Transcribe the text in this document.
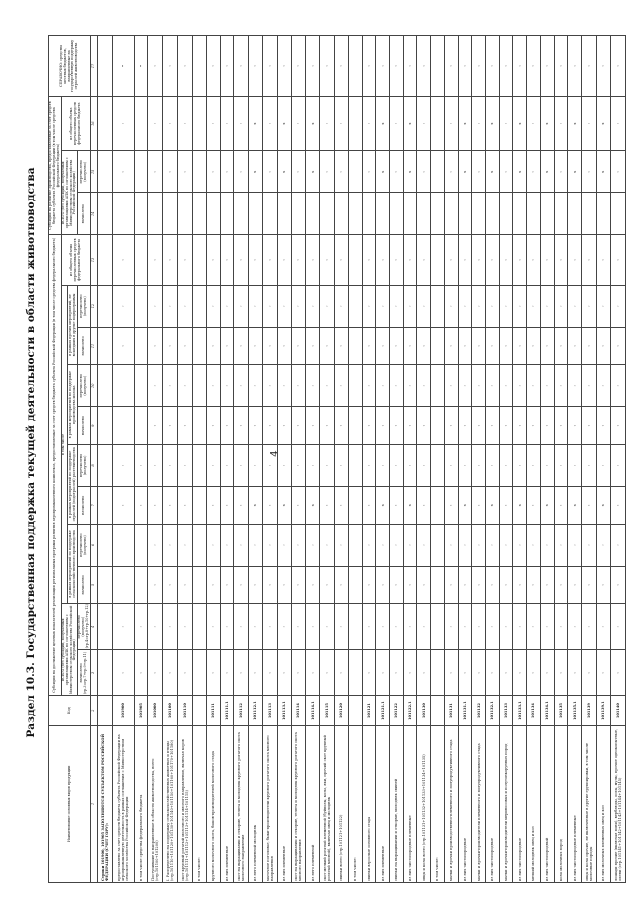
4
Раздел 10.3. Государственная поддержка текущей деятельности в области животноводства
Наименование основных видов продукции	Код	Субсидии на достижение целевых показателей реализации региональных программ развития агропромышленного комплекса, предоставляемые за счет средств бюджета субъекта Российской Федерации (в том числе средства федерального бюджета)											Субсидии на развитие производства, предоставленные за счет средств бюджета субъекта Российской Федерации (в том числе средства федерального бюджета)			СПРАВОЧНО: средства местных бюджетов, направленные на государственную поддержку отраслей животноводства
		ВСЕГО (без субсидий, получаемых организациями АПК по соглашениям с Министерством сельского хозяйства Российской Федерации)		в том числе								из общего объема перечисленных средств федерального бюджета	ВСЕГО (без субсидий, получаемых организациями АПК по соглашениям с Министерством сельского хозяйства Российской Федерации)		из общего объема перечисленных средств федерального бюджета	
				в рамках мероприятий по поддержке сельскохозяйственного производства		в рамках мероприятий по поддержке отраслей (подотраслей) растениеводства		в рамках мероприятий по поддержке производства молока		в рамках прочих мероприятий, не вошедших в другие подпрограммы						
		начислено (гр.3=гр.7+гр.9+гр.11)	перечислено (получено) (гр.4=гр.8+гр.10+гр.12)	начислено	перечислено (получено)	начислено	перечислено (получено)	начислено	перечислено (получено)	начислено	перечислено (получено)		начислено	перечислено (получено)		
1	2	3	4	5	6	7	8	9	10	11	12	13	14	15	16	17
Строки 101900, 101905 ЗАПОЛНЯЮТСЯ СУБЪЕКТОМ РОССИЙСКОЙ ФЕДЕРАЦИИ (СЧЕТ ГОРУ):																
предоставлено за счет средств бюджета субъекта Российской Федерации на агропромышленную деятельность в рамках соглашения с Министерством сельского хозяйства Российской Федерации	101900	‹	›			‹	›			‹	›	‹		‹	›	•
в том числе средства федерального бюджета	101905	‹	›			‹	›									•
Поступившие и направленные в области животноводства, всего (стр.101100+101200)	101000	‹	›	‹	›	‹	›	‹	›	‹	›	‹		‹	›	‹
I. Распределено на поддержку сельскохозяйственных животных и птицы (стр.101110+101120+101130+101140+101150+101160+101170+101180)	101100	‹	›	‹	›	‹	›	‹	›	‹	›	‹		‹	›	‹
скот крупный рогатый молочного и мясного направления, включая коров (стр.101111+101112+101113+101114+101115)	101110	‹	›	‹	›	‹	›	‹	›	‹	›	‹		‹	›	‹
в том числе:																
крупного молочного скота, быков-производителей молочного стада	101111	‹	›	‹	›	‹	›	‹	›	‹	›	‹		‹	›	‹
из них племенные	101111.1	‹	›	‹	›	‹	›	‹	›	‹	›	‹		‹	›	‹
скот на выращивании и откорме, телята и молодняк крупного рогатого скота молочного направления	101112	‹	›	‹	›	‹	›	‹	›	‹	›	‹		‹	›	‹
из него племенной молодняк	101112.1	‹	›	‹	›	x	›	‹	›	‹	›	‹		x	x	‹
маточное поголовье, быки-производители крупного рогатого скота мясного направления	101113	‹	›	‹	›	‹	›	‹	›	‹	›	‹		‹	›	‹
из них племенные	101113.1	‹	›	‹	›	x	›	‹	›	‹	›	‹		x	x	‹
скот на выращивании и откорме, телята и молодняк крупного рогатого скота мясного направления	101114	‹	›	‹	›	‹	›	‹	›	‹	›	‹		‹	›	‹
из него племенной	101114.1	‹	›	‹	›	x	›	‹	›	‹	›	‹		x	x	‹
скот мелкий рогатый племенной (буйволы, козы, яки, прочий скот крупный рогатый мясной), включая овец и молодняк	101115	‹	›	‹	›	‹	›	‹	›	‹	›	‹		‹	›	‹
свиньи всего (стр.101121+101122)	101120	‹	›	‹	›	‹	›	‹	›	‹	›	‹		‹	›	‹
в том числе:																
свиньи взрослые основного стада	101121	‹	›	‹	›	‹	›	‹	›	‹	›	‹		‹	›	‹
из них племенные	101121.1	‹	›	‹	›	x	›	‹	›	‹	›	‹		x	x	‹
свиньи на выращивании и откорме, молодняк свиней	101122	‹	›	‹	›	‹	›	‹	›	‹	›	‹		‹	›	‹
из них чистопородные племенные	101122.1	‹	›	‹	›	x	›	‹	›	‹	›	‹		x	x	‹
овцы и козы всего (стр.101131+101132+101133+101134+101135)	101130	‹	›	‹	›	‹	›	‹	›	‹	›	‹		‹	›	‹
в том числе:																
матки и ярочки производственно-племенного и полупродуктивного стада	101131	‹	›	‹	›	‹	›	‹	›	‹	›	‹		‹	›	‹
из них чистопородные	101131.1	‹	›	‹	›	x	›	‹	›	‹	›	‹		x	x	‹
матки и ярочки-производители племенного и полупродуктивного стада	101132	‹	›	‹	›	‹	›	‹	›	‹	›	‹		‹	›	‹
из них чистопородные	101132.1	‹	›	‹	›	x	›	‹	›	‹	›	‹		x	x	‹
матки и ярочки-производители мериносовых и полутонкорунных пород	101133	‹	›	‹	›	‹	›	‹	›	‹	›	‹		‹	›	‹
из них чистопородные	101133.1	‹	›	‹	›	x	›	‹	›	‹	›	‹		x	x	‹
мелкий молодняк овец и коз	101134	‹	›	‹	›	‹	›	‹	›	‹	›	‹		‹	›	‹
из них чистопородный	101134.1	‹	›	‹	›	x	›	‹	›	‹	›	‹		x	x	‹
козы молочных пород	101135	‹	›	‹	›	‹	›	‹	›	‹	›	‹		‹	›	‹
из них чистопородные племенные	101135.1	‹	›	‹	›	x	›	‹	›	‹	›	‹		x	x	‹
овцы и козы прочие, не включенные в другие группировки, в том числе молочные породы	101139	‹	›	‹	›	‹	›	‹	›	‹	›	‹		‹	›	‹
из них молочных племенных овец и коз	101139.1	‹	›	‹	›	x	›	‹	›	‹	›	‹		x	x	‹
лошади прочие (включая пони), верблюды, ослы, мулы, прочие однокопытные, олени (стр.101141+101142+101143+101144+101145)	101140	‹	›	‹	›	‹	›	‹	›	‹	›	‹		‹	›	‹
